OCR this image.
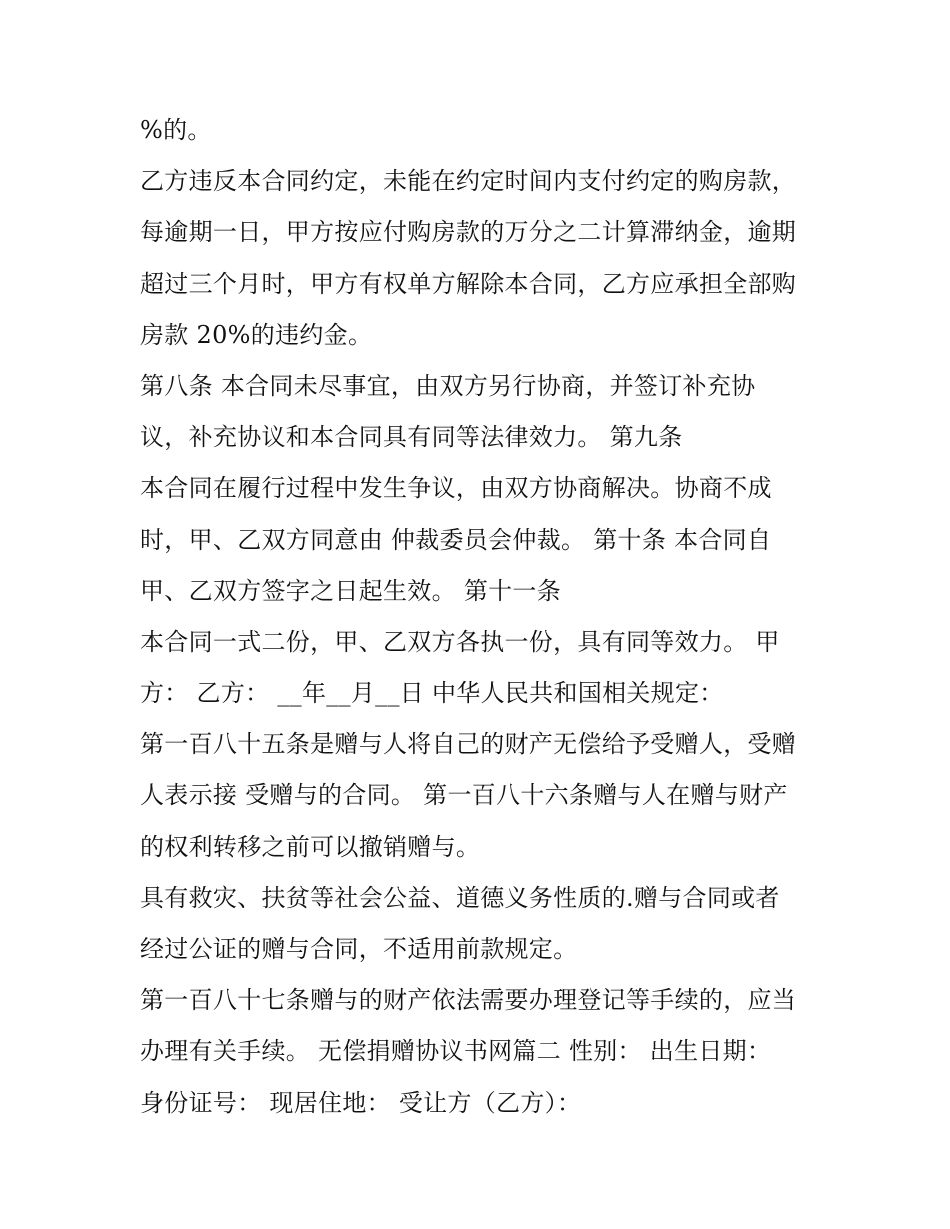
%的。
乙方违反本合同约定，未能在约定时间内支付约定的购房款，
每逾期一日，甲方按应付购房款的万分之二计算滞纳金，逾期
超过三个月时，甲方有权单方解除本合同，乙方应承担全部购
房款 20%的违约金。
第八条 本合同未尽事宜，由双方另行协商，并签订补充协
议，补充协议和本合同具有同等法律效力。 第九条
本合同在履行过程中发生争议，由双方协商解决。协商不成
时，甲、乙双方同意由 仲裁委员会仲裁。 第十条 本合同自
甲、乙双方签字之日起生效。 第十一条
本合同一式二份，甲、乙双方各执一份，具有同等效力。 甲
方： 乙方： __年__月__日 中华人民共和国相关规定：
第一百八十五条是赠与人将自己的财产无偿给予受赠人，受赠
人表示接 受赠与的合同。 第一百八十六条赠与人在赠与财产
的权利转移之前可以撤销赠与。
具有救灾、扶贫等社会公益、道德义务性质的.赠与合同或者
经过公证的赠与合同，不适用前款规定。
第一百八十七条赠与的财产依法需要办理登记等手续的，应当
办理有关手续。 无偿捐赠协议书网篇二 性别： 出生日期：
身份证号： 现居住地： 受让方（乙方）：
